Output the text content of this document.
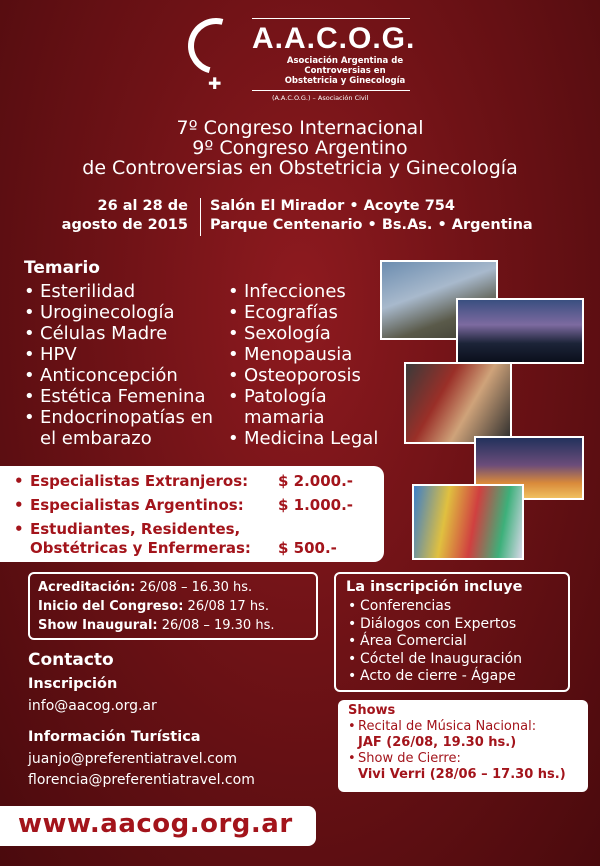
✚
A.A.C.O.G.
Asociación Argentina de Controversias en Obstetricia y Ginecología
(A.A.C.O.G.) – Asociación Civil
7º Congreso Internacional
9º Congreso Argentino
de Controversias en Obstetricia y Ginecología
26 al 28 de
agosto de 2015
Salón El Mirador • Acoyte 754
Parque Centenario • Bs.As. • Argentina
Temario
• Esterilidad
• Uroginecología
• Células Madre
• HPV
• Anticoncepción
• Estética Femenina
• Endocrinopatías en el embarazo
• Infecciones
• Ecografías
• Sexología
• Menopausia
• Osteoporosis
• Patología mamaria
• Medicina Legal
• Especialistas Extranjeros: $ 2.000.-
• Especialistas Argentinos: $ 1.000.-
• Estudiantes, Residentes, Obstétricas y Enfermeras:	$ 500.-
Acreditación: 26/08 – 16.30 hs.
Inicio del Congreso: 26/08 17 hs.
Show Inaugural: 26/08 – 19.30 hs.
La inscripción incluye
• Conferencias
• Diálogos con Expertos
• Área Comercial
• Cóctel de Inauguración
• Acto de cierre - Ágape
Contacto
Inscripción
info@aacog.org.ar
Información Turística
juanjo@preferentiatravel.com
florencia@preferentiatravel.com
Shows
• Recital de Música Nacional:
JAF (26/08, 19.30 hs.)
• Show de Cierre:
Vivi Verri (28/06 – 17.30 hs.)
www.aacog.org.ar
